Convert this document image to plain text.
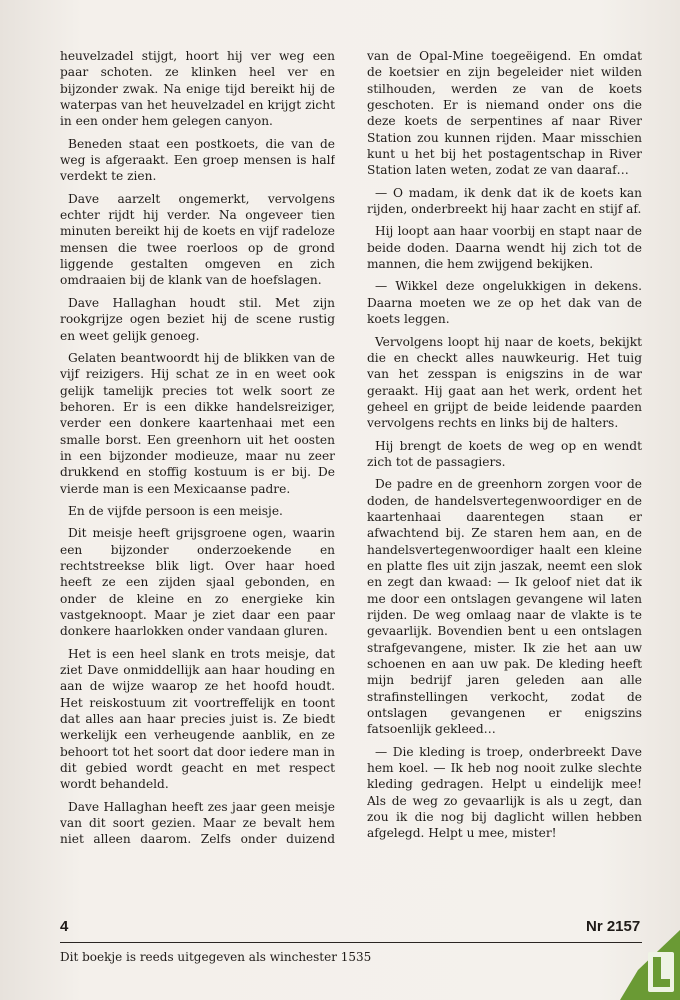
heuvelzadel stijgt, hoort hij ver weg een paar schoten. ze klinken heel ver en bijzonder zwak. Na enige tijd bereikt hij de waterpas van het heuvelzadel en krijgt zicht in een onder hem gelegen canyon.

Beneden staat een postkoets, die van de weg is afgeraakt. Een groep mensen is half verdekt te zien.

Dave aarzelt ongemerkt, vervolgens echter rijdt hij verder. Na ongeveer tien minuten bereikt hij de koets en vijf radeloze mensen die twee roerloos op de grond liggende gestalten omgeven en zich omdraaien bij de klank van de hoefslagen.

Dave Hallaghan houdt stil. Met zijn rookgrijze ogen beziet hij de scene rustig en weet gelijk genoeg.

Gelaten beantwoordt hij de blikken van de vijf reizigers. Hij schat ze in en weet ook gelijk tamelijk precies tot welk soort ze behoren. Er is een dikke handelsreiziger, verder een donkere kaartenhaai met een smalle borst. Een greenhorn uit het oosten in een bijzonder modieuze, maar nu zeer drukkend en stoffig kostuum is er bij. De vierde man is een Mexicaanse padre.

En de vijfde persoon is een meisje.

Dit meisje heeft grijsgroene ogen, waarin een bijzonder onderzoekende en rechtstreekse blik ligt. Over haar hoed heeft ze een zijden sjaal gebonden, en onder de kleine en zo energieke kin vastgeknoopt. Maar je ziet daar een paar donkere haarlokken onder vandaan gluren.

Het is een heel slank en trots meisje, dat ziet Dave onmiddellijk aan haar houding en aan de wijze waarop ze het hoofd houdt. Het reiskostuum zit voortreffelijk en toont dat alles aan haar precies juist is. Ze biedt werkelijk een verheugende aanblik, en ze behoort tot het soort dat door iedere man in dit gebied wordt geacht en met respect wordt behandeld.

Dave Hallaghan heeft zes jaar geen meisje van dit soort gezien. Maar ze bevalt hem niet alleen daarom. Zelfs onder duizend

van de Opal-Mine toegeëigend. En omdat de koetsier en zijn begeleider niet wilden stilhouden, werden ze van de koets geschoten. Er is niemand onder ons die deze koets de serpentines af naar River Station zou kunnen rijden. Maar misschien kunt u het bij het postagentschap in River Station laten weten, zodat ze van daaraf…

— O madam, ik denk dat ik de koets kan rijden, onderbreekt hij haar zacht en stijf af.

Hij loopt aan haar voorbij en stapt naar de beide doden. Daarna wendt hij zich tot de mannen, die hem zwijgend bekijken.

— Wikkel deze ongelukkigen in dekens. Daarna moeten we ze op het dak van de koets leggen.

Vervolgens loopt hij naar de koets, bekijkt die en checkt alles nauwkeurig. Het tuig van het zesspan is enigszins in de war geraakt. Hij gaat aan het werk, ordent het geheel en grijpt de beide leidende paarden vervolgens rechts en links bij de halters.

Hij brengt de koets de weg op en wendt zich tot de passagiers.

De padre en de greenhorn zorgen voor de doden, de handelsvertegenwoordiger en de kaartenhaai daarentegen staan er afwachtend bij. Ze staren hem aan, en de handelsvertegenwoordiger haalt een kleine en platte fles uit zijn jaszak, neemt een slok en zegt dan kwaad: — Ik geloof niet dat ik me door een ontslagen gevangene wil laten rijden. De weg omlaag naar de vlakte is te gevaarlijk. Bovendien bent u een ontslagen strafgevangene, mister. Ik zie het aan uw schoenen en aan uw pak. De kleding heeft mijn bedrijf jaren geleden aan alle strafinstellingen verkocht, zodat de ontslagen gevangenen er enigszins fatsoenlijk gekleed…

— Die kleding is troep, onderbreekt Dave hem koel. — Ik heb nog nooit zulke slechte kleding gedragen. Helpt u eindelijk mee! Als de weg zo gevaarlijk is als u zegt, dan zou ik die nog bij daglicht willen hebben afgelegd. Helpt u mee, mister!

4	Nr 2157
Dit boekje is reeds uitgegeven als winchester 1535
